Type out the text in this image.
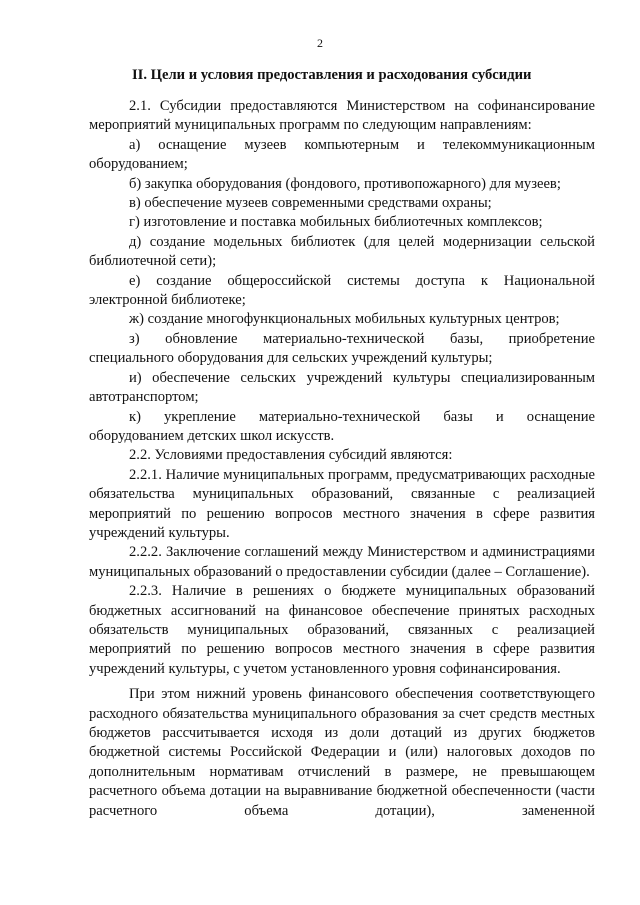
2
II. Цели и условия предоставления и расходования субсидии

2.1. Субсидии предоставляются Министерством на софинансирование мероприятий муниципальных программ по следующим направлениям:

а) оснащение музеев компьютерным и телекоммуникационным оборудованием;

б) закупка оборудования (фондового, противопожарного) для музеев;

в) обеспечение музеев современными средствами охраны;

г) изготовление и поставка мобильных библиотечных комплексов;

д) создание модельных библиотек (для целей модернизации сельской библиотечной сети);

е) создание общероссийской системы доступа к Национальной электронной библиотеке;

ж) создание многофункциональных мобильных культурных центров;

з) обновление материально-технической базы, приобретение специального оборудования для сельских учреждений культуры;

и) обеспечение сельских учреждений культуры специализированным автотранспортом;

к) укрепление материально-технической базы и оснащение оборудованием детских школ искусств.

2.2. Условиями предоставления субсидий являются:

2.2.1. Наличие муниципальных программ, предусматривающих расходные обязательства муниципальных образований, связанные с реализацией мероприятий по решению вопросов местного значения в сфере развития учреждений культуры.

2.2.2. Заключение соглашений между Министерством и администрациями муниципальных образований о предоставлении субсидии (далее – Соглашение).

2.2.3. Наличие в решениях о бюджете муниципальных образований бюджетных ассигнований на финансовое обеспечение принятых расходных обязательств муниципальных образований, связанных с реализацией мероприятий по решению вопросов местного значения в сфере развития учреждений культуры, с учетом установленного уровня софинансирования.

При этом нижний уровень финансового обеспечения соответствующего расходного обязательства муниципального образования за счет средств местных бюджетов рассчитывается исходя из доли дотаций из других бюджетов бюджетной системы Российской Федерации и (или) налоговых доходов по дополнительным нормативам отчислений в размере, не превышающем расчетного объема дотации на выравнивание бюджетной обеспеченности (части расчетного объема дотации), замененной
